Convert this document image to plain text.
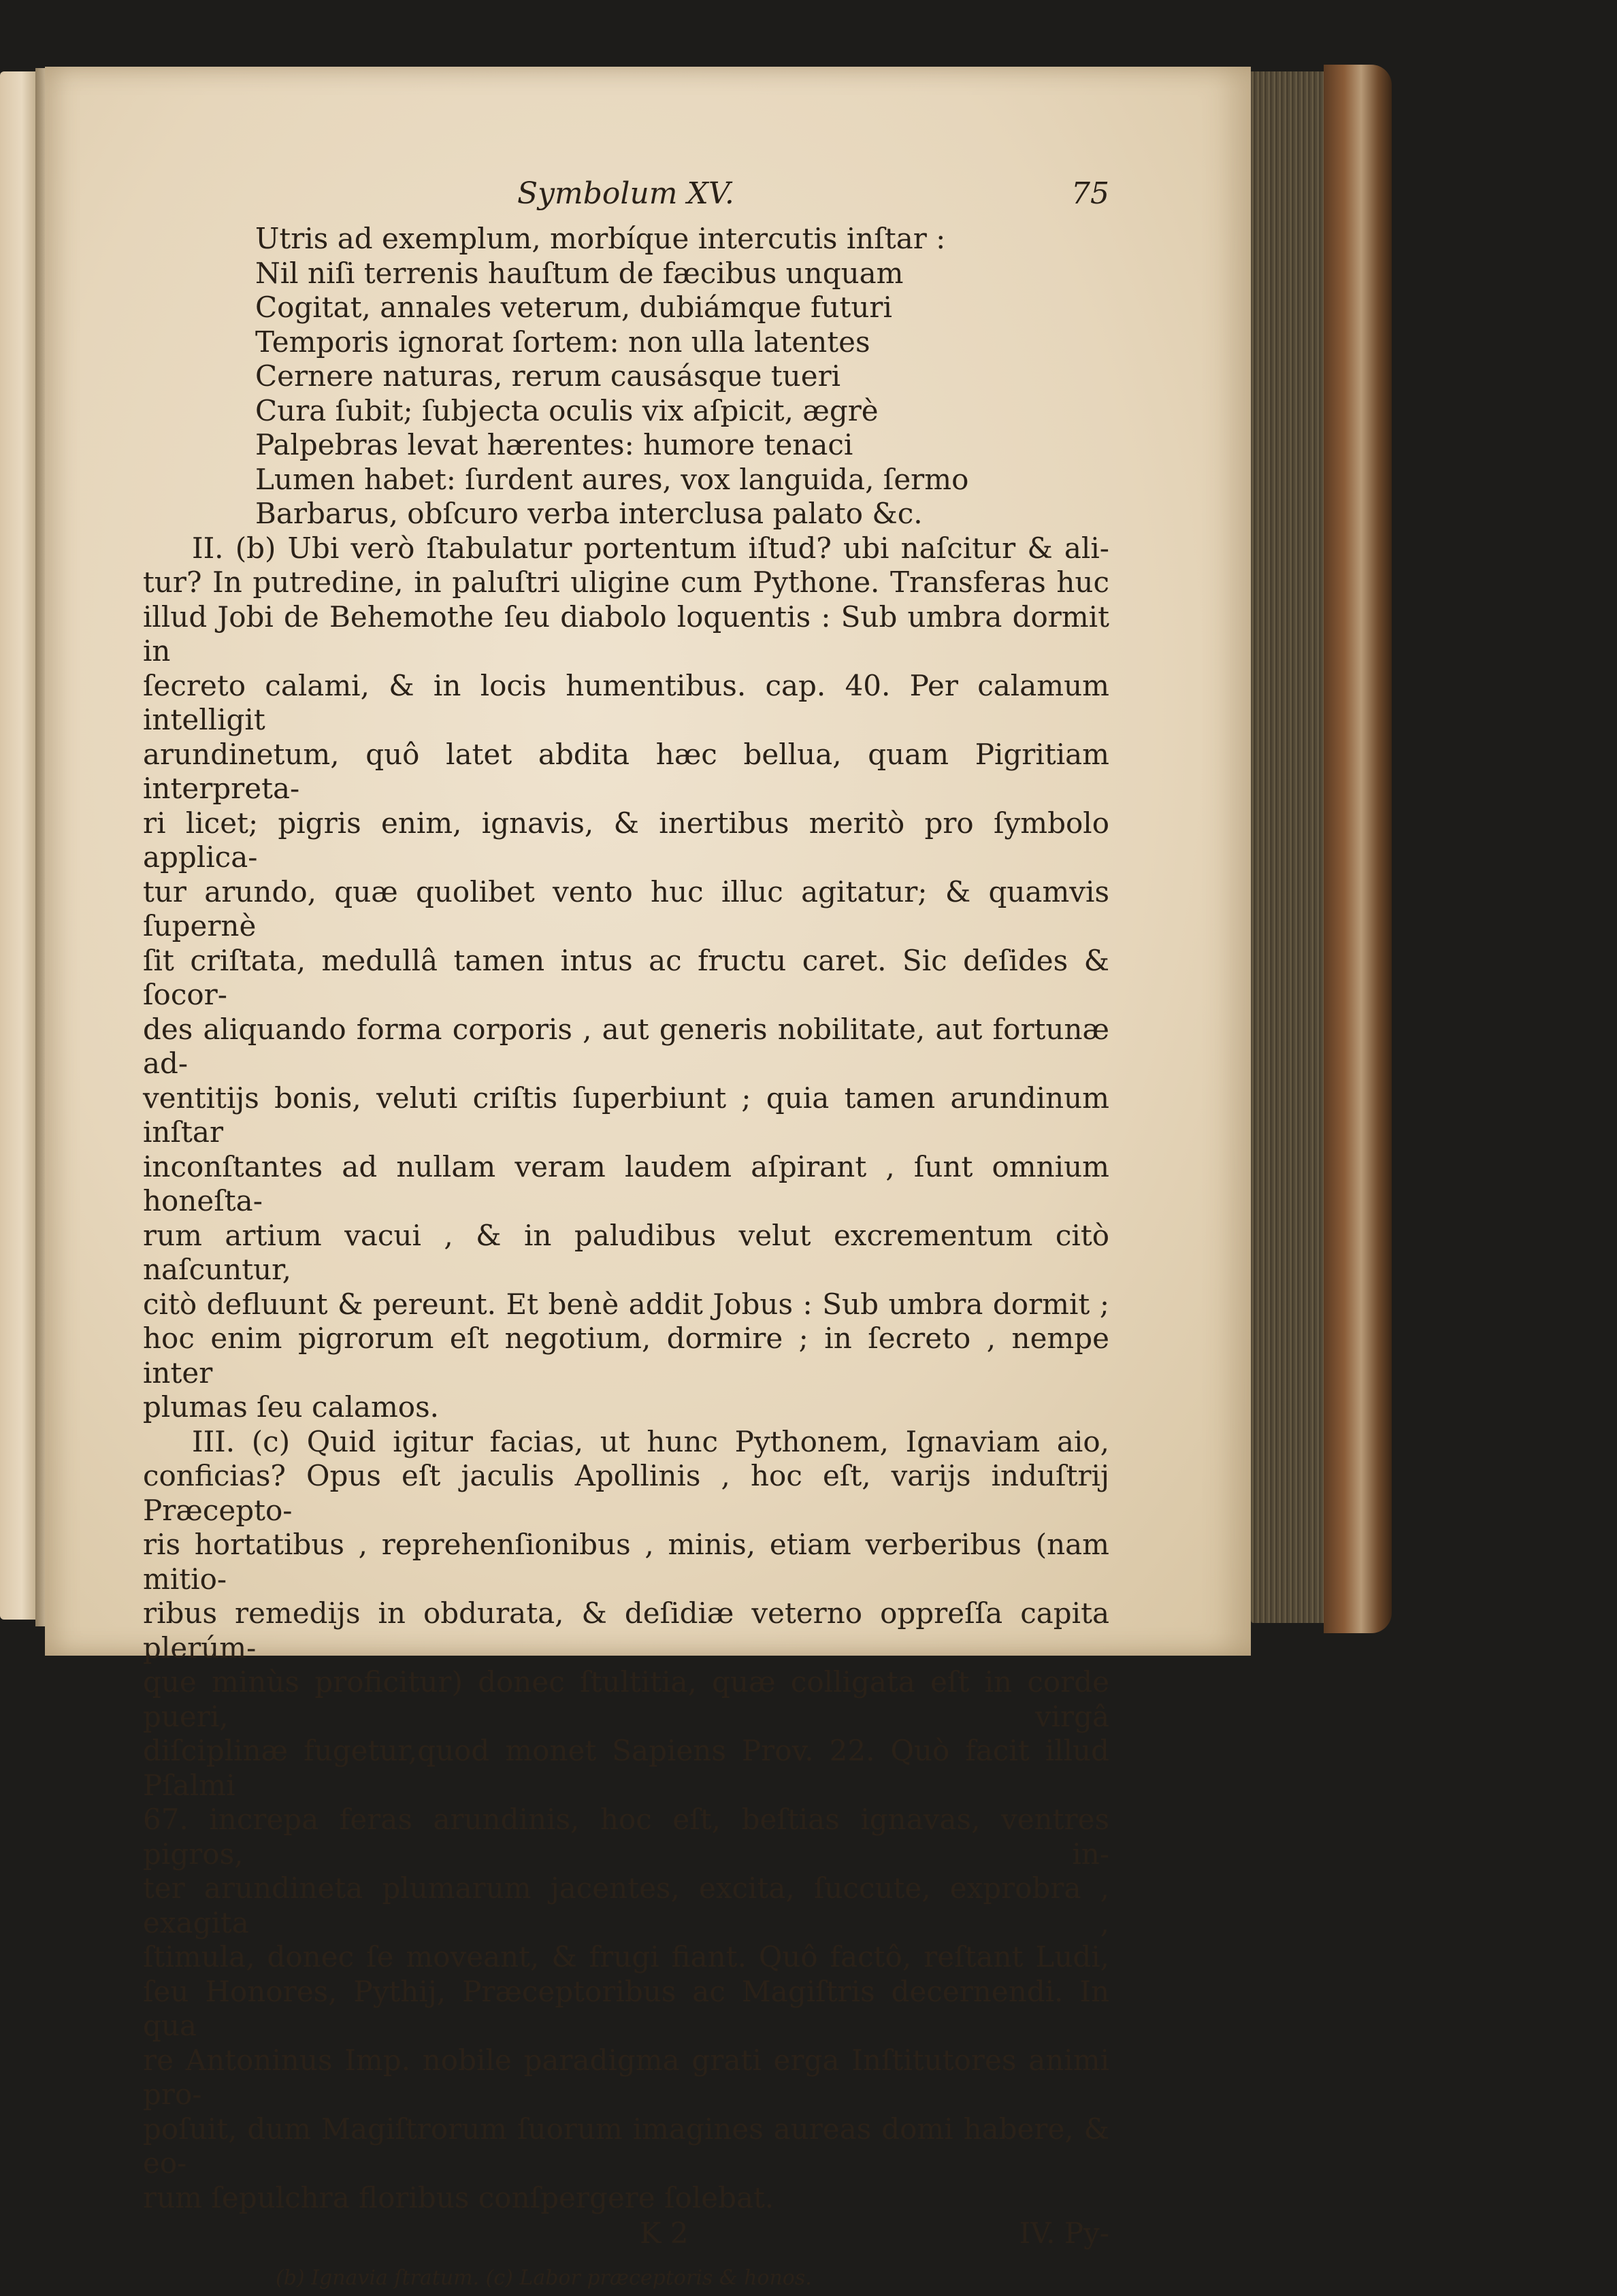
Symbolum XV.	75
Utris ad exemplum, morbíque intercutis inſtar :
Nil niſi terrenis hauſtum de fæcibus unquam
Cogitat, annales veterum, dubiámque futuri
Temporis ignorat ſortem: non ulla latentes
Cernere naturas, rerum causásque tueri
Cura ſubit; ſubjecta oculis vix aſpicit, ægrè
Palpebras levat hærentes: humore tenaci
Lumen habet: ſurdent aures, vox languida, ſermo
Barbarus, obſcuro verba interclusa palato &c.
II. (b) Ubi verò ſtabulatur portentum iſtud? ubi naſcitur & ali-
tur? In putredine, in paluſtri uligine cum Pythone. Transferas huc
illud Jobi de Behemothe ſeu diabolo loquentis : Sub umbra dormit in
ſecreto calami, & in locis humentibus. cap. 40. Per calamum intelligit
arundinetum, quô latet abdita hæc bellua, quam Pigritiam interpreta-
ri licet; pigris enim, ignavis, & inertibus meritò pro ſymbolo applica-
tur arundo, quæ quolibet vento huc illuc agitatur; & quamvis ſupernè
ſit criſtata, medullâ tamen intus ac fructu caret. Sic deſides & ſocor-
des aliquando forma corporis , aut generis nobilitate, aut fortunæ ad-
ventitijs bonis, veluti criſtis ſuperbiunt ; quia tamen arundinum inſtar
inconſtantes ad nullam veram laudem aſpirant , ſunt omnium honeſta-
rum artium vacui , & in paludibus velut excrementum citò naſcuntur,
citò defluunt & pereunt. Et benè addit Jobus : Sub umbra dormit ;
hoc enim pigrorum eſt negotium, dormire ; in ſecreto , nempe inter
plumas ſeu calamos.
III. (c) Quid igitur facias, ut hunc Pythonem, Ignaviam aio,
conficias? Opus eſt jaculis Apollinis , hoc eſt, varijs induſtrij Præcepto-
ris hortatibus , reprehenſionibus , minis, etiam verberibus (nam mitio-
ribus remedijs in obdurata, & deſidiæ veterno oppreſſa capita plerúm-
que minùs proficitur) donec ſtultitia, quæ colligata eſt in corde pueri, virgâ
diſciplinæ fugetur,quod monet Sapiens Prov. 22. Quò facit illud Pſalmi
67. increpa feras arundinis, hoc eſt, beſtias ignavas, ventres pigros, in-
ter arundineta plumarum jacentes, excita, ſuccute, exprobra , exagita ,
ſtimula, donec ſe moveant, & frugi fiant. Quô factô, reſtant Ludi,
ſeu Honores, Pythij, Præceptoribus ac Magiſtris decernendi. In qua
re Antoninus Imp. nobile paradigma grati erga Inſtitutores animi pro-
poſuit, dum Magiſtrorum ſuorum imagines aureas domi habere, & eo-
rum ſepulchra floribus conſpergere ſolebat.
K 2	IV. Py-
(b) Ignavia ſtratum. (c) Labor præceptoris & honos.
